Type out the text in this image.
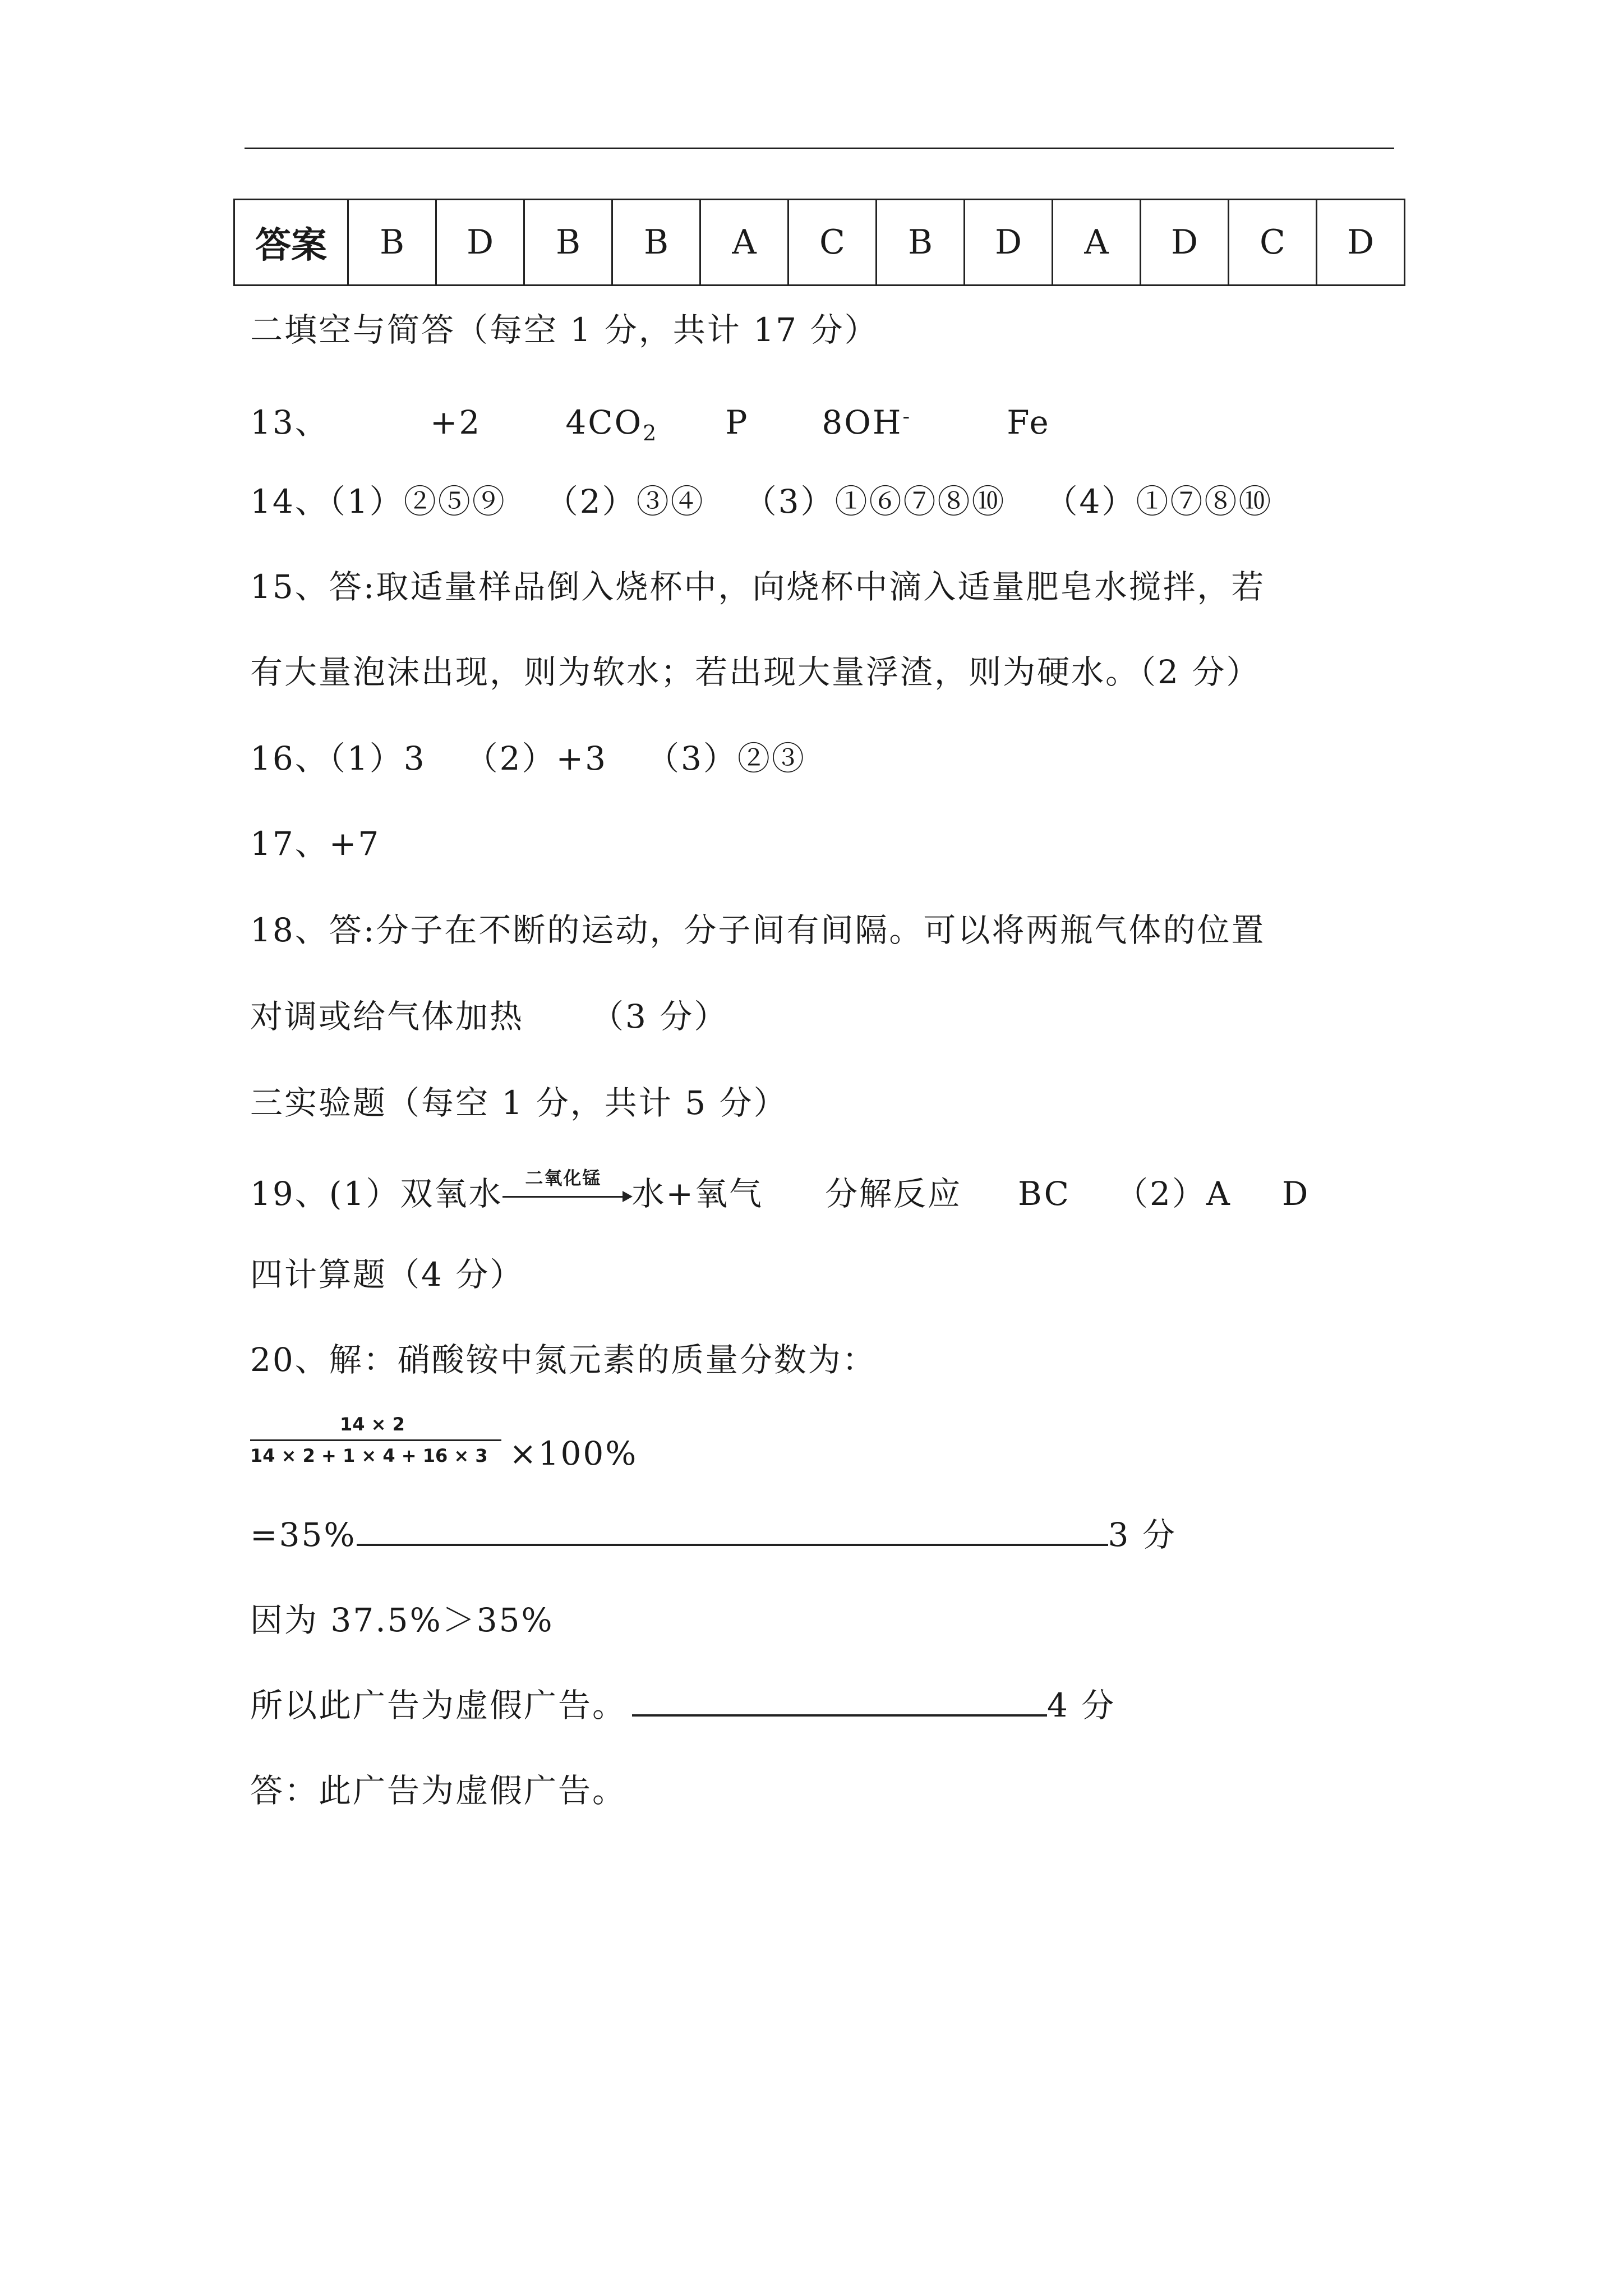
答案	B	D	B	B	A	C	B	D	A	D	C	D
二填空与简答（每空 1 分，共计 17 分）
13、	+2	$4CO_2$ P 8OH-	Fe
14、（1）②⑤⑨ （2）③④ （3）①⑥⑦⑧⑩ （4）①⑦⑧⑩
15、答:取适量样品倒入烧杯中，向烧杯中滴入适量肥皂水搅拌，若
有大量泡沫出现，则为软水；若出现大量浮渣，则为硬水。（2 分）
16、（1）3 （2）+3 （3）②③
17、+7
18、答:分子在不断的运动，分子间有间隔。可以将两瓶气体的位置
对调或给气体加热 （3 分）
三实验题（每空 1 分，共计 5 分）
19、(1）双氧水 二氧化锰 水+氧气 分解反应 BC （2）A D
四计算题（4 分）
20、解：硝酸铵中氮元素的质量分数为：
14 × 2
14 × 2 + 1 × 4 + 16 × 3 ×100%
=35%	3 分
因为 37.5%＞35%
所以此广告为虚假广告。	4 分
答：此广告为虚假广告。
